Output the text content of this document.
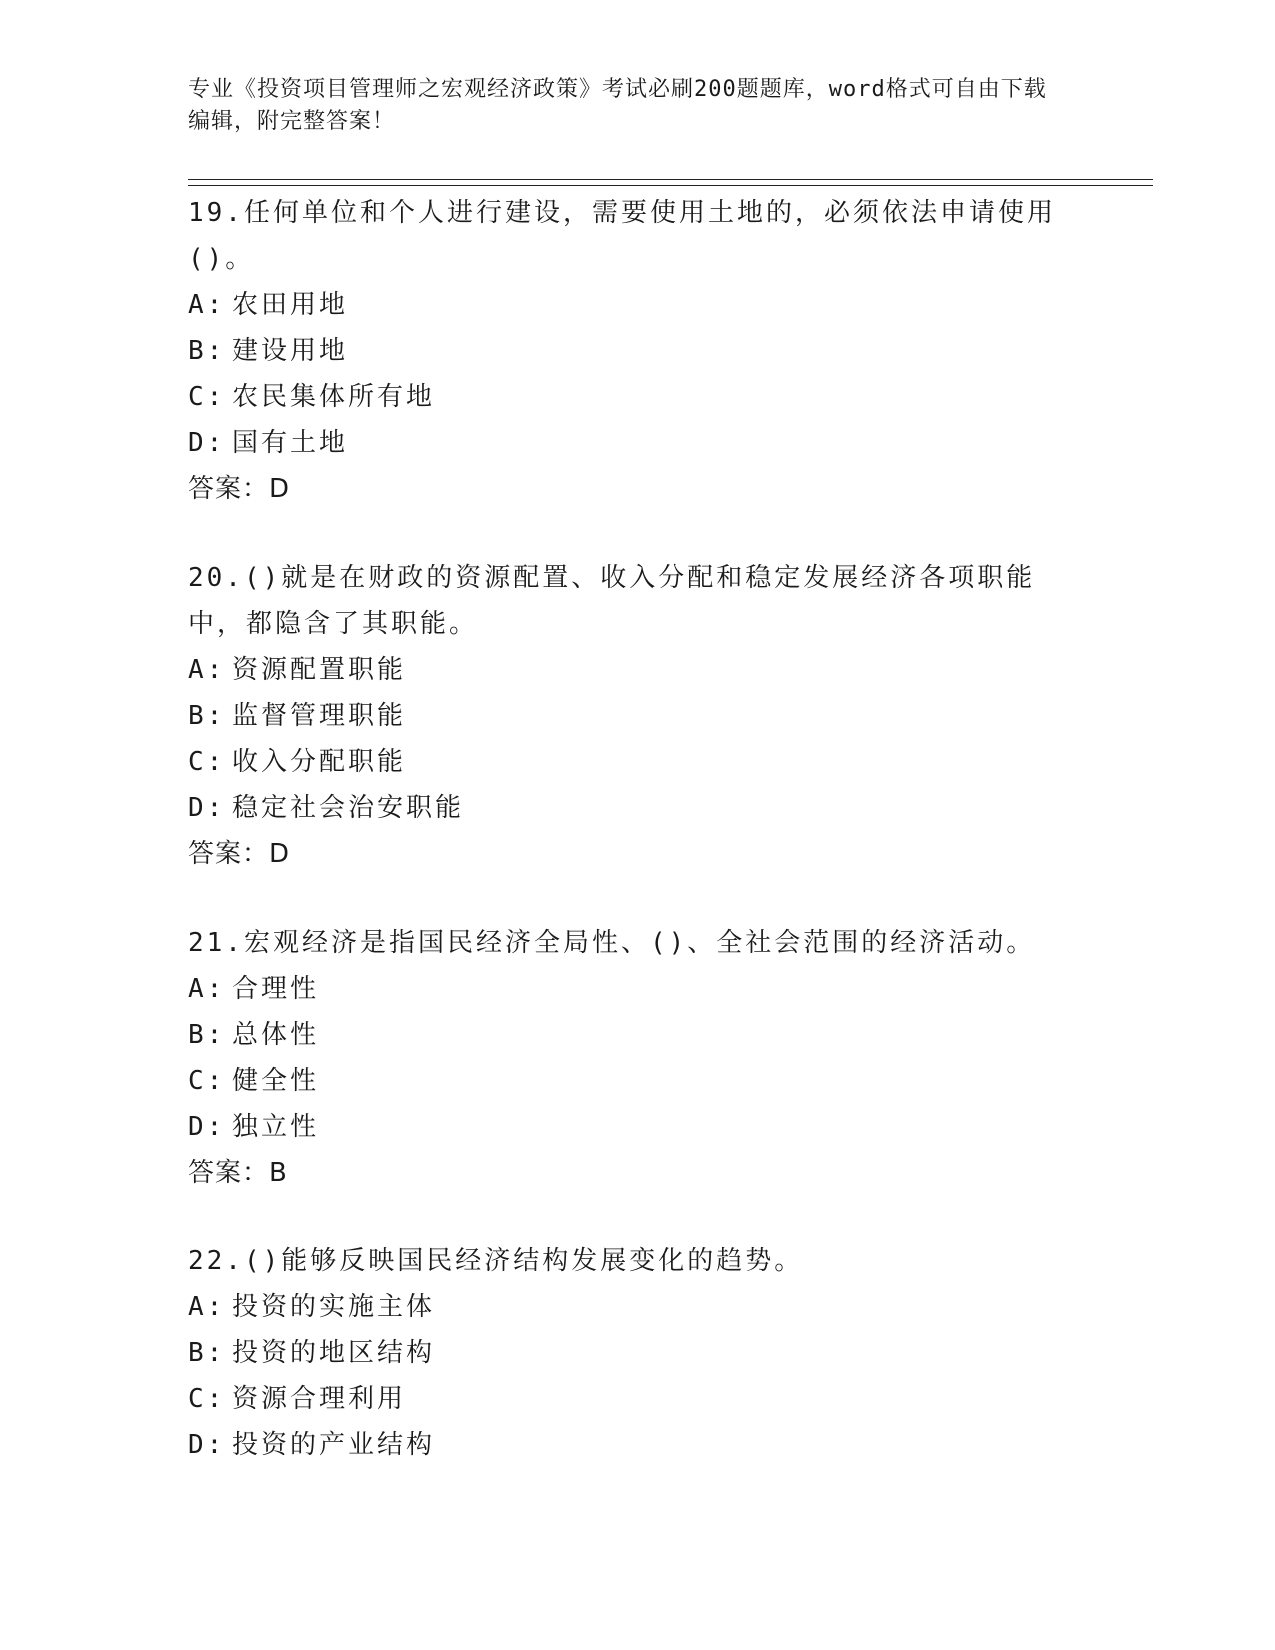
专业《投资项目管理师之宏观经济政策》考试必刷200题题库，word格式可自由下载编辑，附完整答案！
19.任何单位和个人进行建设，需要使用土地的，必须依法申请使用()。
A: 农田用地
B: 建设用地
C: 农民集体所有地
D: 国有土地
答案：D
20.()就是在财政的资源配置、收入分配和稳定发展经济各项职能中，都隐含了其职能。
A: 资源配置职能
B: 监督管理职能
C: 收入分配职能
D: 稳定社会治安职能
答案：D
21.宏观经济是指国民经济全局性、()、全社会范围的经济活动。
A: 合理性
B: 总体性
C: 健全性
D: 独立性
答案：B
22.()能够反映国民经济结构发展变化的趋势。
A: 投资的实施主体
B: 投资的地区结构
C: 资源合理利用
D: 投资的产业结构
